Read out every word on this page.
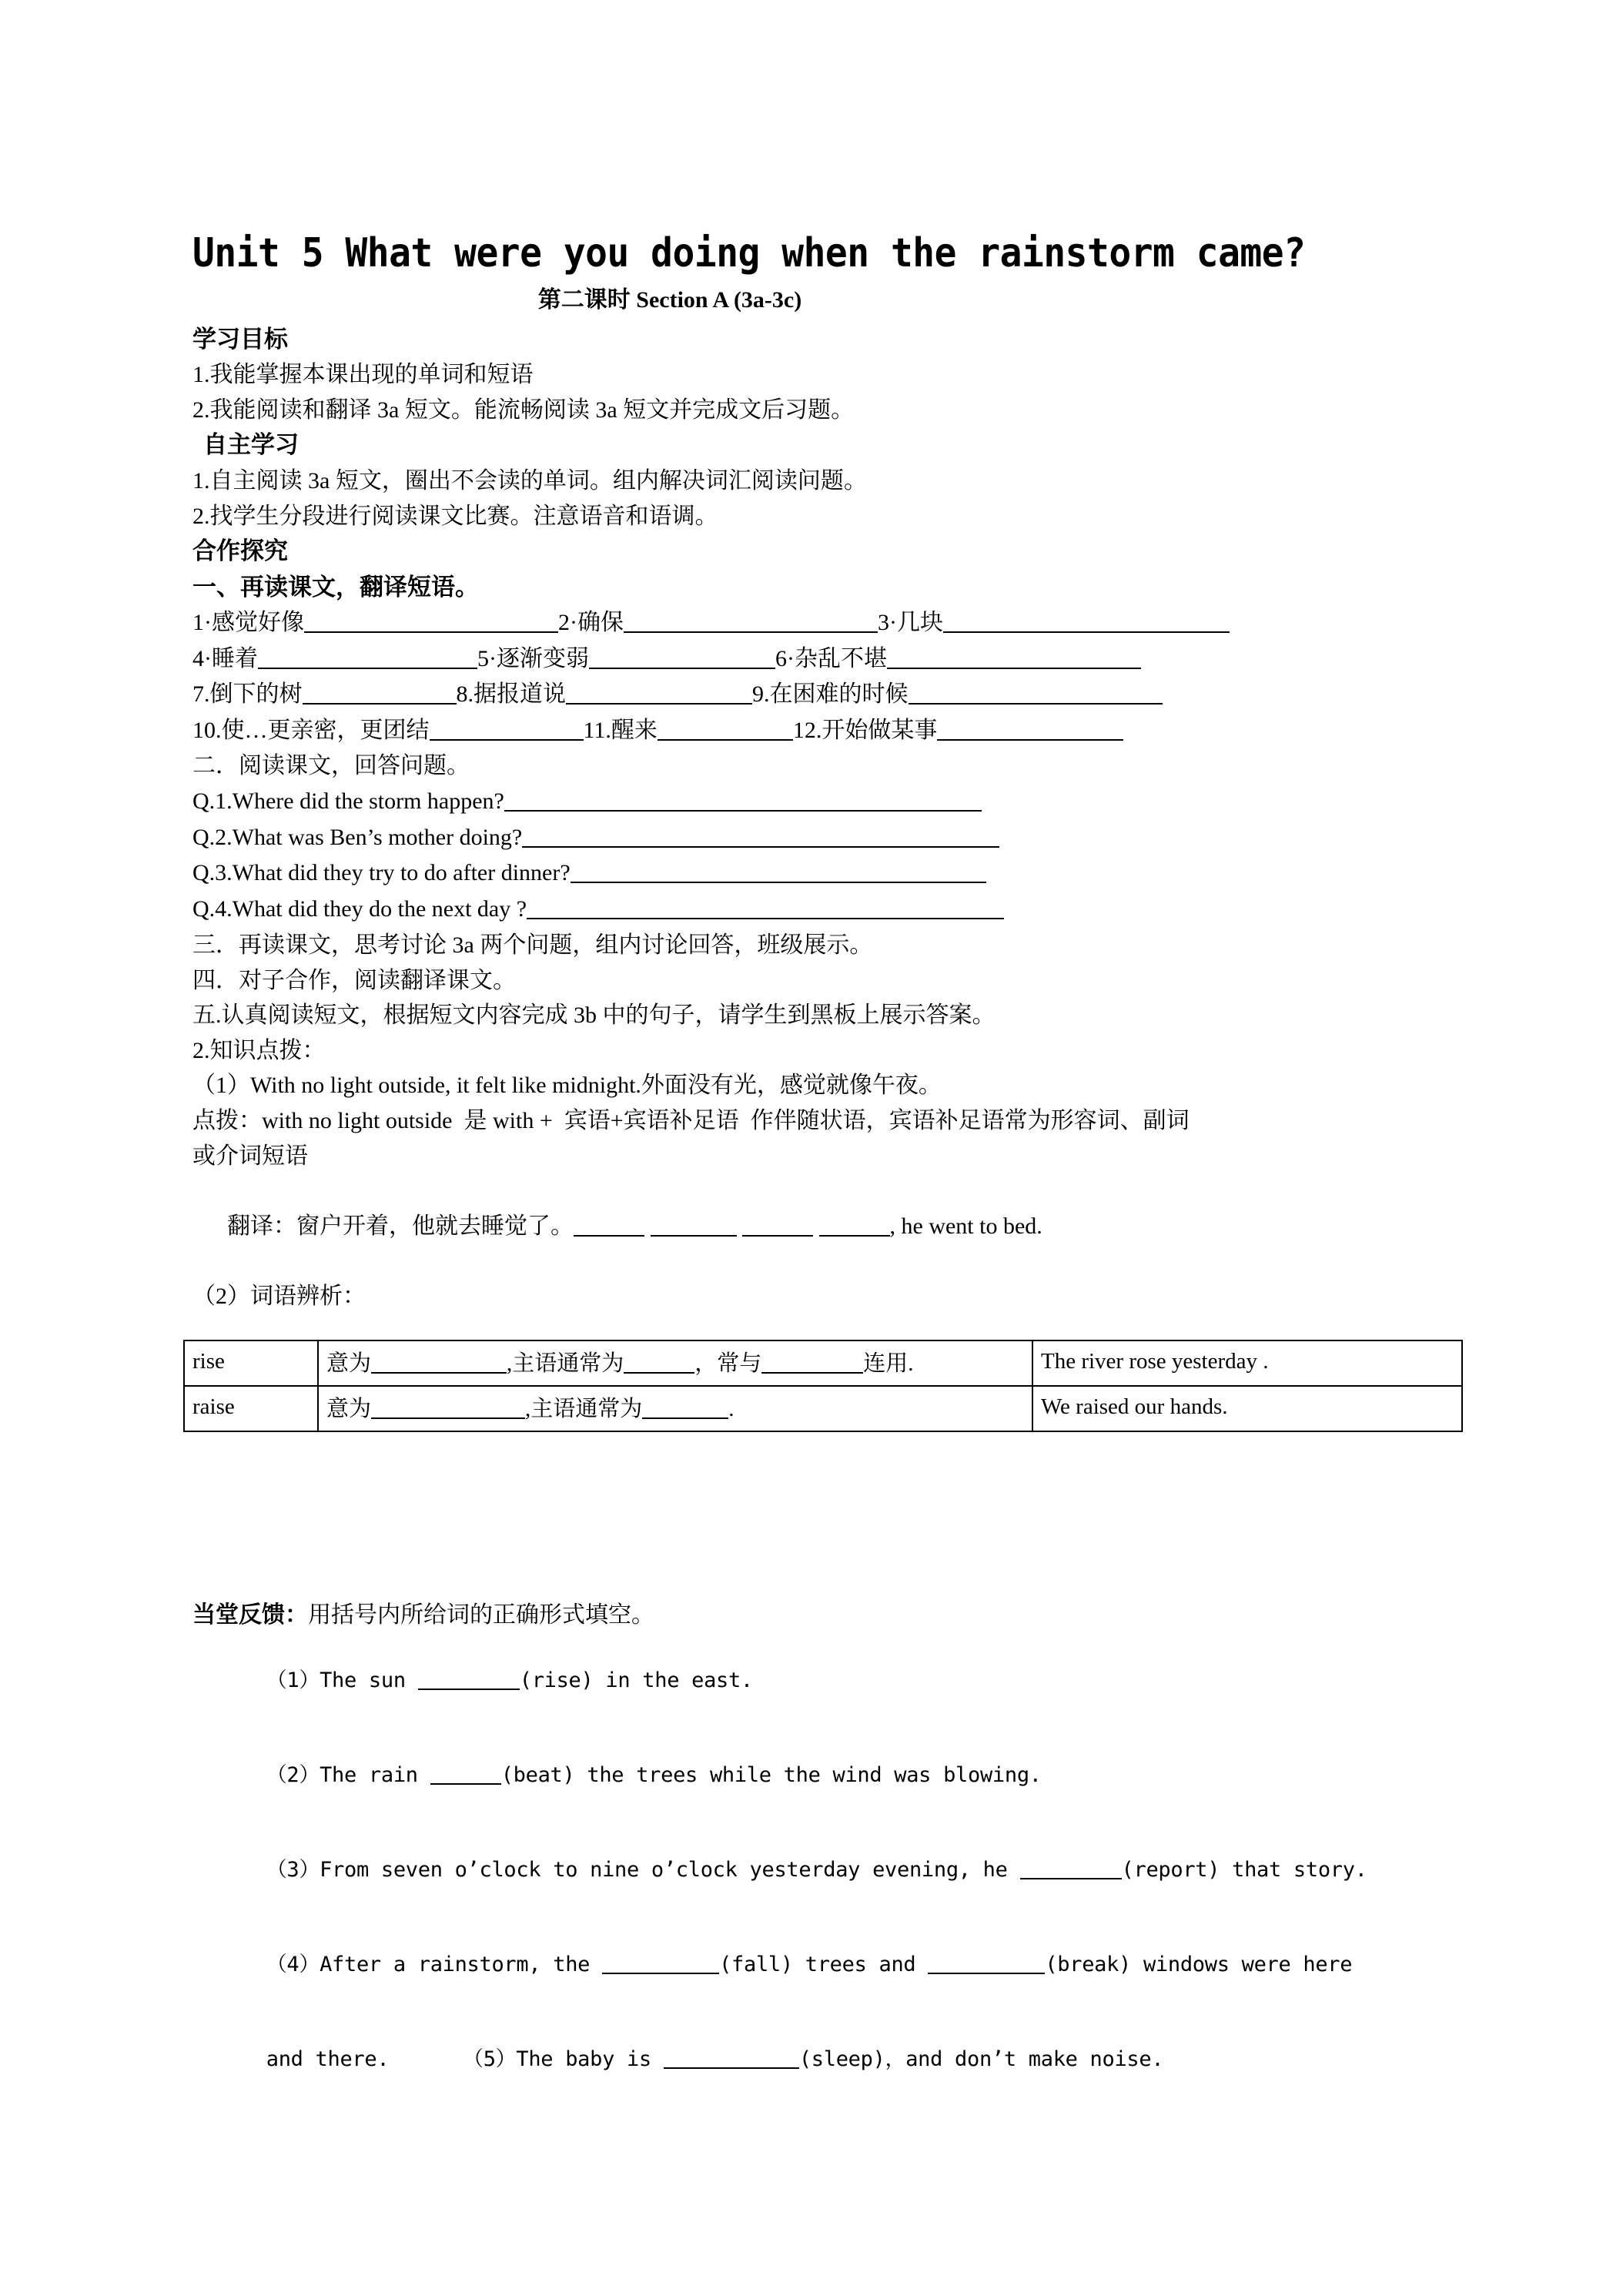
Unit 5 What were you doing when the rainstorm came?
第二课时 Section A (3a-3c)
学习目标
1.我能掌握本课出现的单词和短语
2.我能阅读和翻译 3a 短文。能流畅阅读 3a 短文并完成文后习题。
自主学习
1.自主阅读 3a 短文，圈出不会读的单词。组内解决词汇阅读问题。
2.找学生分段进行阅读课文比赛。注意语音和语调。
合作探究
一、再读课文，翻译短语。
1·感觉好像	2·确保	3·几块
4·睡着	5·逐渐变弱	6·杂乱不堪
7.倒下的树	8.据报道说	9.在困难的时候
10.使…更亲密，更团结	11.醒来	12.开始做某事
二．阅读课文，回答问题。
Q.1.Where did the storm happen?
Q.2.What was Ben’s mother doing?
Q.3.What did they try to do after dinner?
Q.4.What did they do the next day ?
三．再读课文，思考讨论 3a 两个问题，组内讨论回答，班级展示。
四．对子合作，阅读翻译课文。
五.认真阅读短文，根据短文内容完成 3b 中的句子，请学生到黑板上展示答案。
2.知识点拨：
（1）With no light outside, it felt like midnight.外面没有光，感觉就像午夜。
点拨：with no light outside  是 with +  宾语+宾语补足语  作伴随状语，宾语补足语常为形容词、副词
或介词短语

翻译：窗户开着，他就去睡觉了。	, he went to bed.

（2）词语辨析：
rise	意为 ,主语通常为 ，常与 连用.	The river rose yesterday .
raise	意为 ,主语通常为 .	We raised our hands.
当堂反馈：用括号内所给词的正确形式填空。

（1）The sun	(rise) in the east.

（2）The rain	(beat) the trees while the wind was blowing.

（3）From seven o’clock to nine o’clock yesterday evening, he	(report) that story.

（4）After a rainstorm, the	(fall) trees and	(break) windows were here

and there.      （5）The baby is	(sleep)，and don’t make noise.
